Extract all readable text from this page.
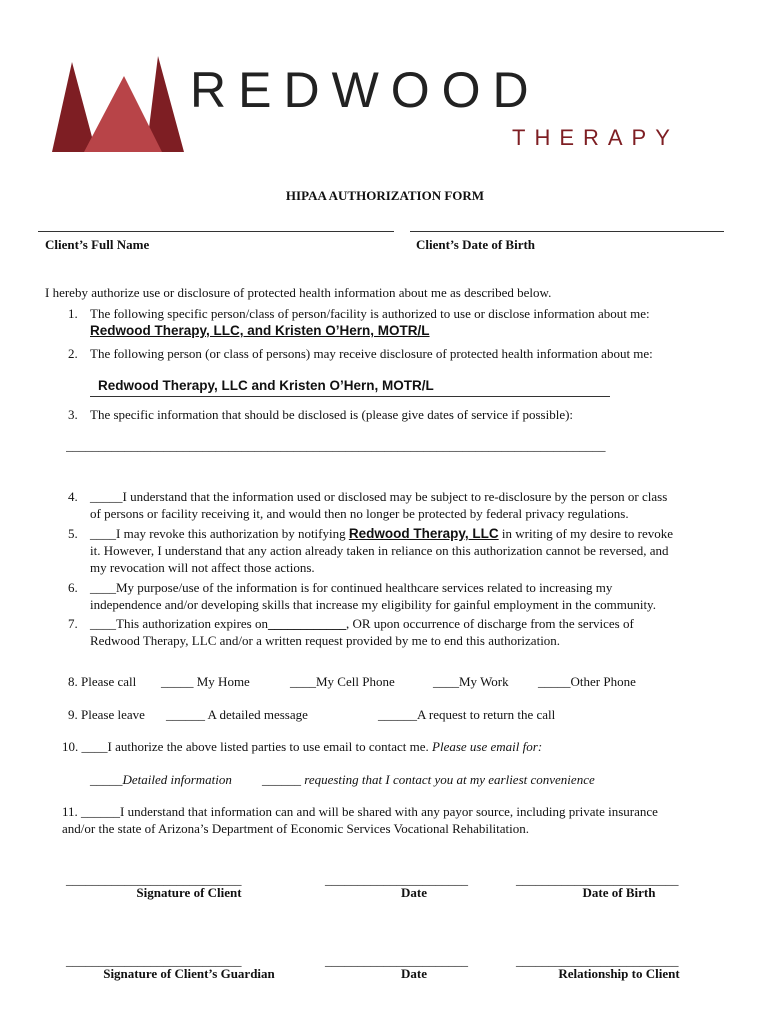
REDWOOD
THERAPY
HIPAA AUTHORIZATION FORM
Client’s Full Name	Client’s Date of Birth
I hereby authorize use or disclosure of protected health information about me as described below.
1. The following specific person/class of person/facility is authorized to use or disclose information about me:
Redwood Therapy, LLC, and Kristen O’Hern, MOTR/L
2. The following person (or class of persons) may receive disclosure of protected health information about me:
Redwood Therapy, LLC and Kristen O’Hern, MOTR/L
3. The specific information that should be disclosed is (please give dates of service if possible):
___________________________________________________________________________________
4. _____I understand that the information used or disclosed may be subject to re-disclosure by the person or class
of persons or facility receiving it, and would then no longer be protected by federal privacy regulations.
5. ____I may revoke this authorization by notifying Redwood Therapy, LLC in writing of my desire to revoke
it. However, I understand that any action already taken in reliance on this authorization cannot be reversed, and
my revocation will not affect those actions.
6. ____My purpose/use of the information is for continued healthcare services related to increasing my
independence and/or developing skills that increase my eligibility for gainful employment in the community.
7. ____This authorization expires on____________, OR upon occurrence of discharge from the services of
Redwood Therapy, LLC and/or a written request provided by me to end this authorization.
8. Please call _____ My Home	____My Cell Phone	____My Work _____Other Phone
9. Please leave ______ A detailed message	______A request to return the call
10. ____I authorize the above listed parties to use email to contact me. Please use email for:
_____Detailed information ______ requesting that I contact you at my earliest convenience
11. ______I understand that information can and will be shared with any payor source, including private insurance
and/or the state of Arizona’s Department of Economic Services Vocational Rehabilitation.
___________________________	______________________	_________________________
Signature of Client	Date	Date of Birth
___________________________	______________________	_________________________
Signature of Client’s Guardian	Date	Relationship to Client
